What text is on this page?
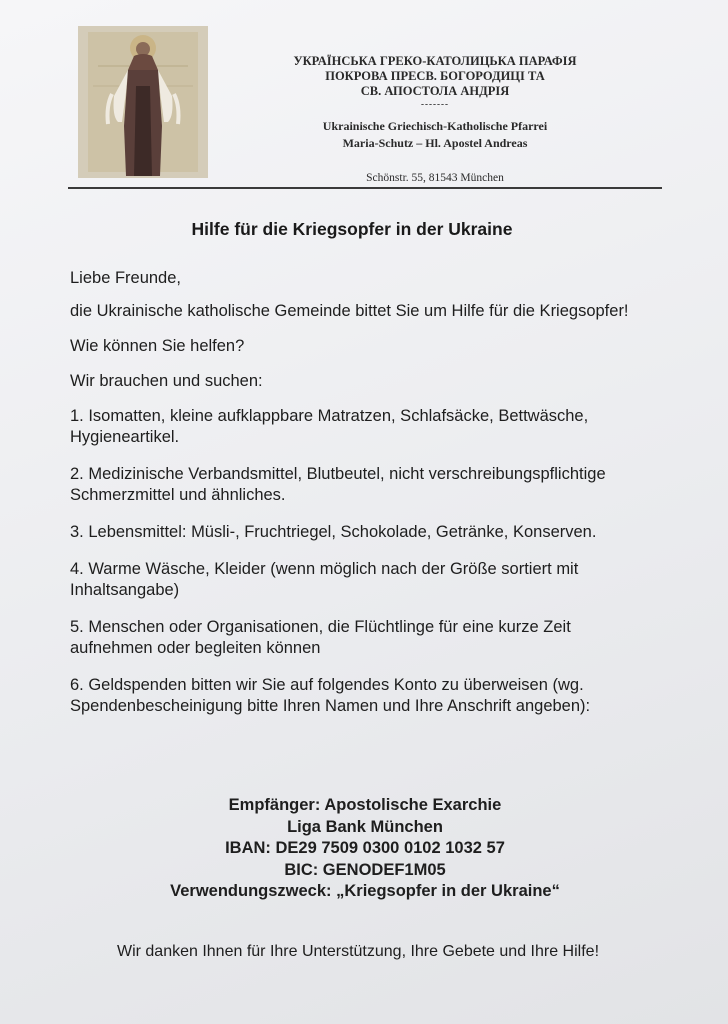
УКРАЇНСЬКА ГРЕКО-КАТОЛИЦЬКА ПАРАФІЯ
ПОКРОВА ПРЕСВ. БОГОРОДИЦІ ТА
СВ. АПОСТОЛА АНДРІЯ
-------
Ukrainische Griechisch-Katholische Pfarrei
Maria-Schutz – Hl. Apostel Andreas
Schönstr. 55, 81543 München
Hilfe für die Kriegsopfer in der Ukraine

Liebe Freunde,

die Ukrainische katholische Gemeinde bittet Sie um Hilfe für die Kriegsopfer!

Wie können Sie helfen?

Wir brauchen und suchen:

1. Isomatten, kleine aufklappbare Matratzen, Schlafsäcke, Bettwäsche, Hygieneartikel.

2. Medizinische Verbandsmittel, Blutbeutel, nicht verschreibungspflichtige Schmerzmittel und ähnliches.

3. Lebensmittel: Müsli-, Fruchtriegel, Schokolade, Getränke, Konserven.

4. Warme Wäsche, Kleider (wenn möglich nach der Größe sortiert mit Inhaltsangabe)

5. Menschen oder Organisationen, die Flüchtlinge für eine kurze Zeit aufnehmen oder begleiten können

6. Geldspenden bitten wir Sie auf folgendes Konto zu überweisen (wg. Spendenbescheinigung bitte Ihren Namen und Ihre Anschrift angeben):

Empfänger: Apostolische Exarchie
Liga Bank München
IBAN: DE29 7509 0300 0102 1032 57
BIC: GENODEF1M05
Verwendungszweck: „Kriegsopfer in der Ukraine“
Wir danken Ihnen für Ihre Unterstützung, Ihre Gebete und Ihre Hilfe!
